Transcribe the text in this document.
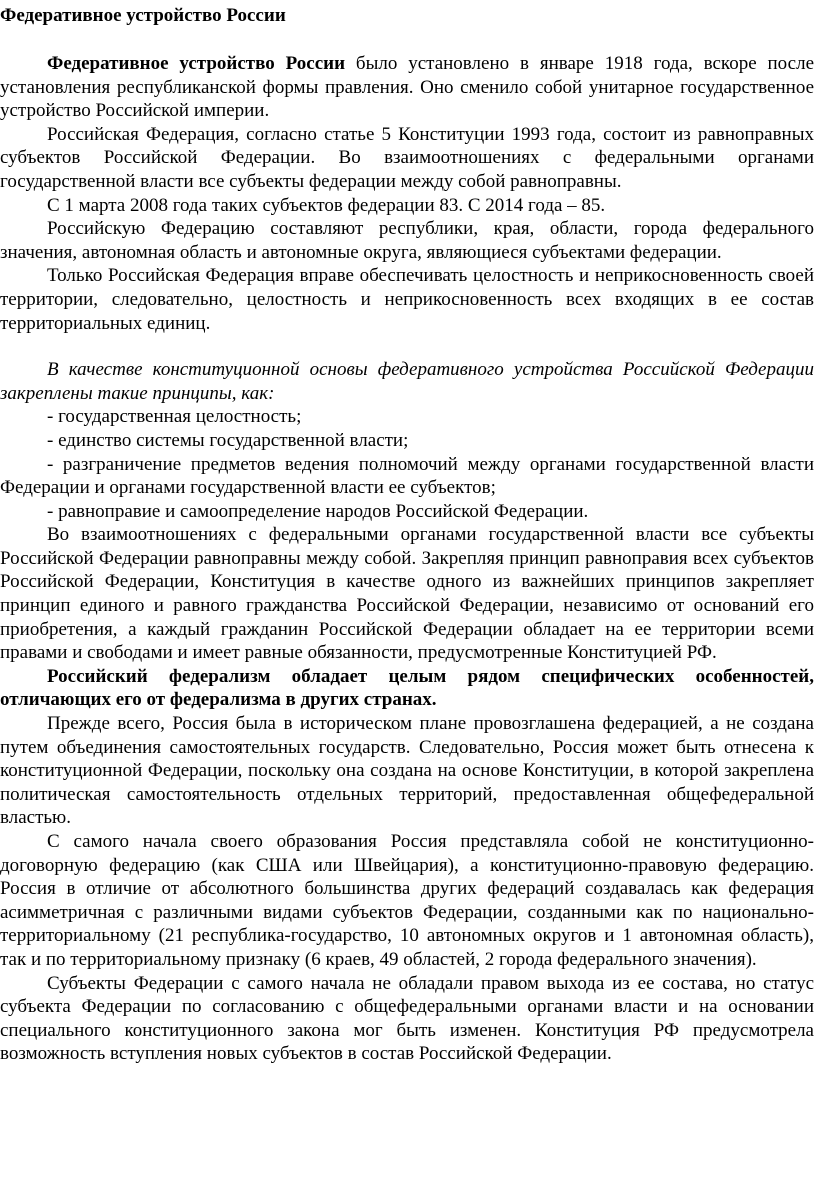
Федеративное устройство России

Федеративное устройство России было установлено в январе 1918 года, вскоре после установления республиканской формы правления. Оно сменило собой унитарное государственное устройство Российской империи.

Российская Федерация, согласно статье 5 Конституции 1993 года, состоит из равноправных субъектов Российской Федерации. Во взаимоотношениях с федеральными органами государственной власти все субъекты федерации между собой равноправны.

С 1 марта 2008 года таких субъектов федерации 83. С 2014 года – 85.

Российскую Федерацию составляют республики, края, области, города федерального значения, автономная область и автономные округа, являющиеся субъектами федерации.

Только Российская Федерация вправе обеспечивать целостность и неприкосновенность своей территории, следовательно, целостность и неприкосновенность всех входящих в ее состав территориальных единиц.

В качестве конституционной основы федеративного устройства Российской Федерации закреплены такие принципы, как:

- государственная целостность;

- единство системы государственной власти;

- разграничение предметов ведения полномочий между органами государственной власти Федерации и органами государственной власти ее субъектов;

- равноправие и самоопределение народов Российской Федерации.

Во взаимоотношениях с федеральными органами государственной власти все субъекты Российской Федерации равноправны между собой. Закрепляя принцип равноправия всех субъектов Российской Федерации, Конституция в качестве одного из важнейших принципов закрепляет принцип единого и равного гражданства Российской Федерации, независимо от оснований его приобретения, а каждый гражданин Российской Федерации обладает на ее территории всеми правами и свободами и имеет равные обязанности, предусмотренные Конституцией РФ.

Российский федерализм обладает целым рядом специфических особенностей, отличающих его от федерализма в других странах.

Прежде всего, Россия была в историческом плане провозглашена федерацией, а не создана путем объединения самостоятельных государств. Следовательно, Россия может быть отнесена к конституционной Федерации, поскольку она создана на основе Конституции, в которой закреплена политическая самостоятельность отдельных территорий, предоставленная общефедеральной властью.

С самого начала своего образования Россия представляла собой не конституционно-договорную федерацию (как США или Швейцария), а конституционно-правовую федерацию. Россия в отличие от абсолютного большинства других федераций создавалась как федерация асимметричная с различными видами субъектов Федерации, созданными как по национально-территориальному (21 республика-государство, 10 автономных округов и 1 автономная область), так и по территориальному признаку (6 краев, 49 областей, 2 города федерального значения).

Субъекты Федерации с самого начала не обладали правом выхода из ее состава, но статус субъекта Федерации по согласованию с общефедеральными органами власти и на основании специального конституционного закона мог быть изменен. Конституция РФ предусмотрела возможность вступления новых субъектов в состав Российской Федерации.
